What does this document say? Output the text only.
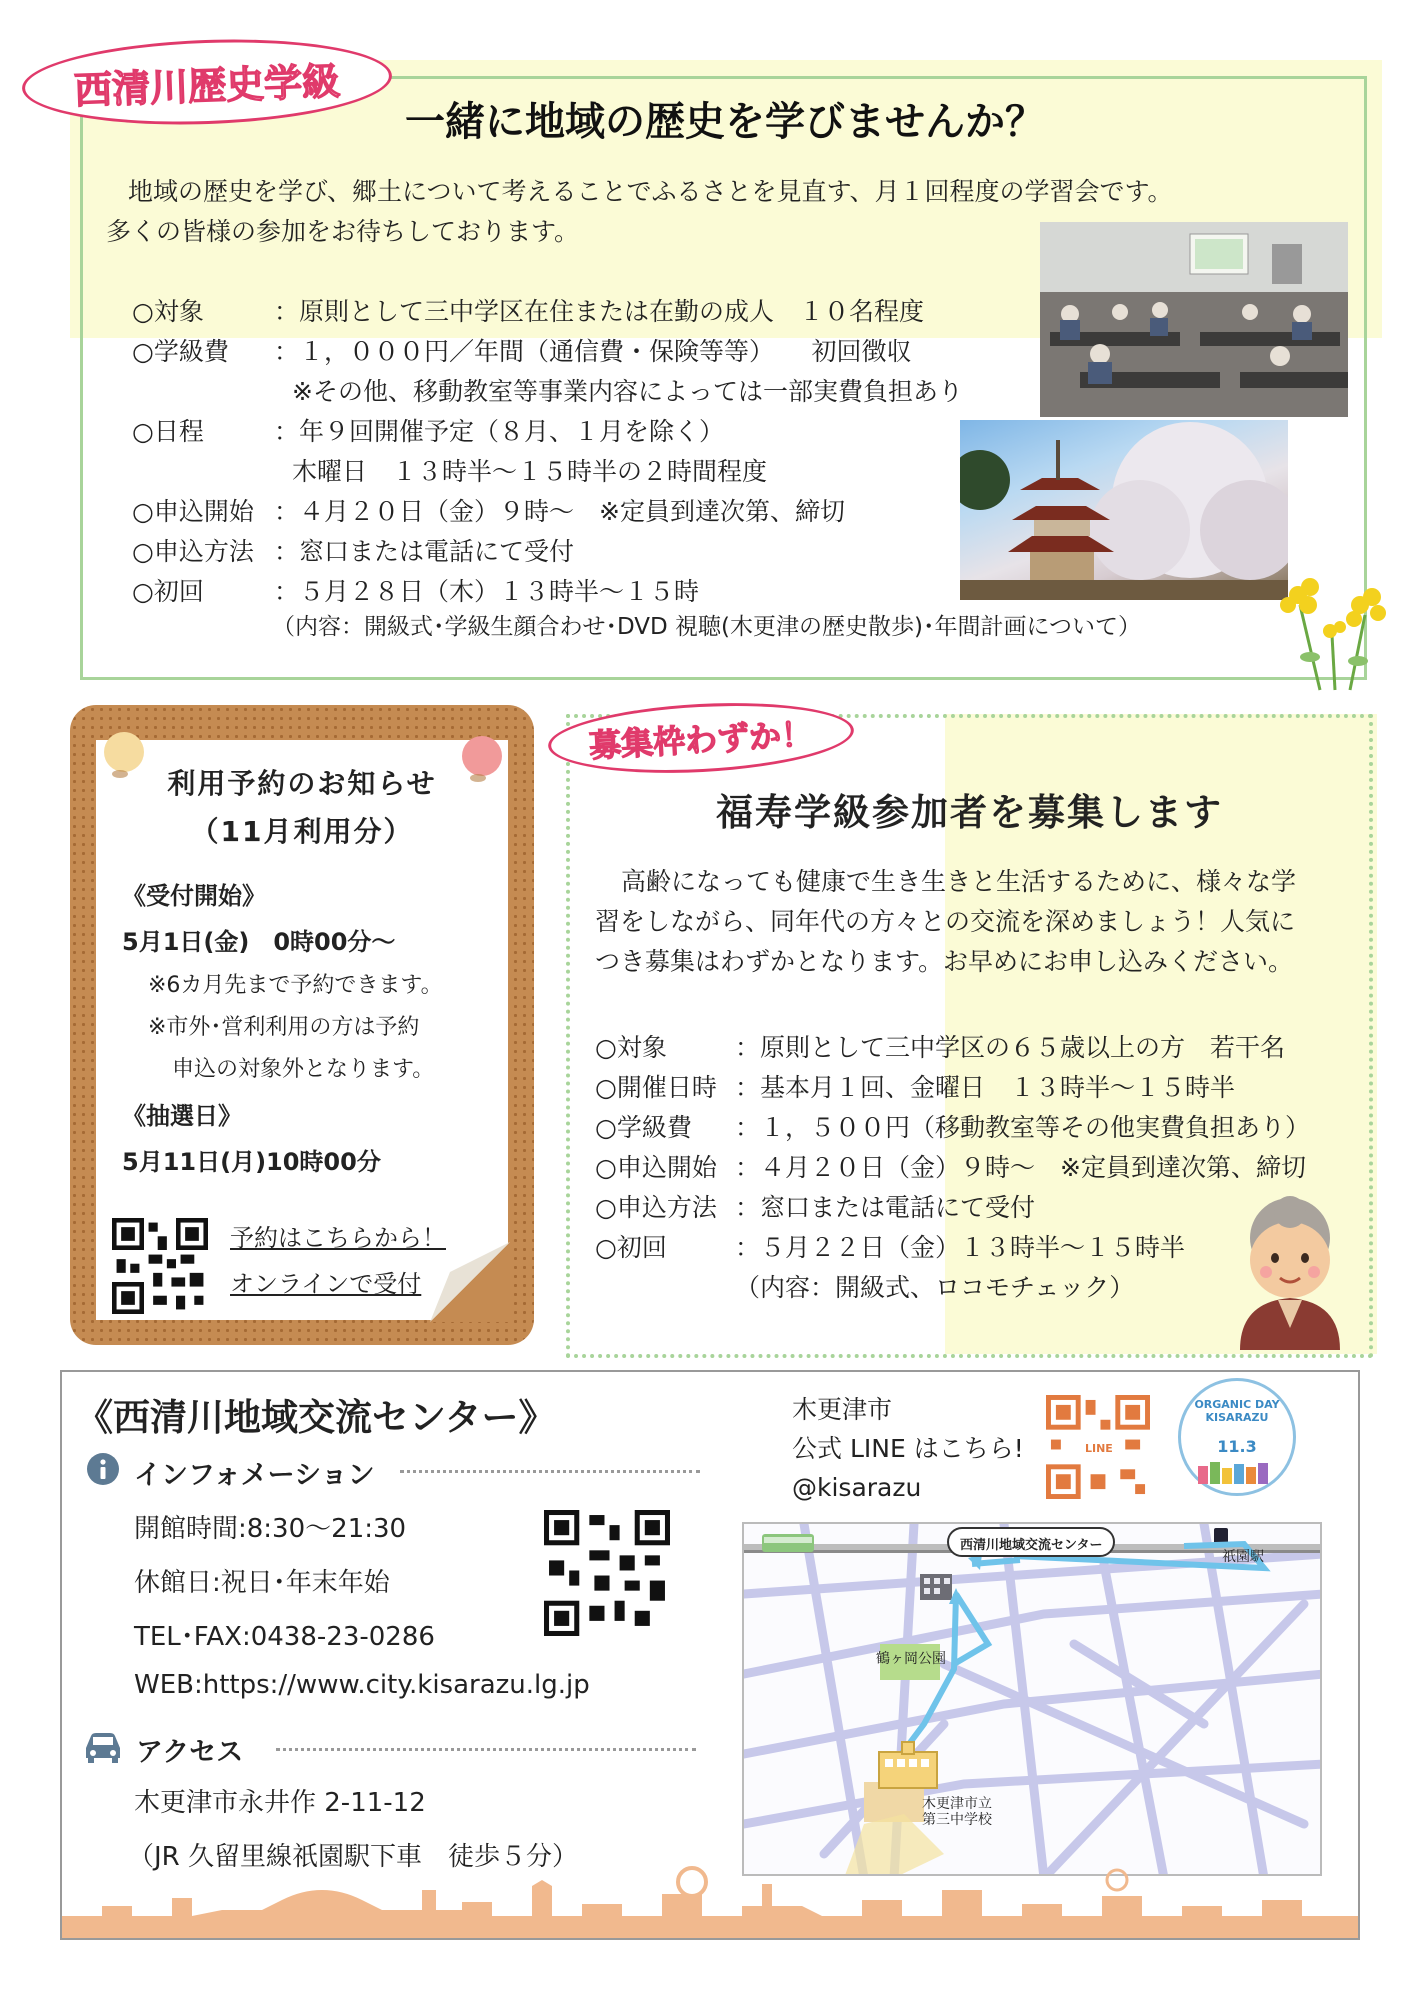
西清川歴史学級
一緒に地域の歴史を学びませんか？
地域の歴史を学び、郷土について考えることでふるさとを見直す、月１回程度の学習会です。
多くの皆様の参加をお待ちしております。
○対象	：原則として三中学区在住または在勤の成人　１０名程度
○学級費 ：１，０００円／年間（通信費・保険等等）　　初回徴収
※その他、移動教室等事業内容によっては一部実費負担あり
○日程	：年９回開催予定（８月、１月を除く）
木曜日　１３時半～１５時半の２時間程度
○申込開始 ：４月２０日（金）９時～　※定員到達次第、締切
○申込方法 ：窓口または電話にて受付
○初回	：５月２８日（木）１３時半～１５時
（内容：開級式･学級生顔合わせ･DVD 視聴(木更津の歴史散歩)･年間計画について）
利用予約のお知らせ
（11月利用分）
《受付開始》
5月1日(金)　0時00分～
※6カ月先まで予約できます。
※市外･営利利用の方は予約
申込の対象外となります。
《抽選日》
5月11日(月)10時00分
予約はこちらから！
オンラインで受付
募集枠わずか！
福寿学級参加者を募集します
高齢になっても健康で生き生きと生活するために、様々な学
習をしながら、同年代の方々との交流を深めましょう！人気に
つき募集はわずかとなります。お早めにお申し込みください。
○対象	：原則として三中学区の６５歳以上の方　若干名
○開催日時 ：基本月１回、金曜日　１３時半～１５時半
○学級費 ：１，５００円（移動教室等その他実費負担あり）
○申込開始 ：４月２０日（金）９時～　※定員到達次第、締切
○申込方法 ：窓口または電話にて受付
○初回	：５月２２日（金）１３時半～１５時半
（内容：開級式、ロコモチェック）
《西清川地域交流センター》
インフォメーション
開館時間:8:30～21:30
休館日:祝日･年末年始
TEL･FAX:0438-23-0286
WEB:https://www.city.kisarazu.lg.jp
アクセス
木更津市永井作 2-11-12
（JR 久留里線祇園駅下車　徒歩５分）
木更津市
公式 LINE はこちら!
@kisarazu
LINE
ORGANIC DAY
KISARAZU
11.3
西清川地域交流センター
祇園駅
鶴ヶ岡公園
木更津市立
第三中学校
